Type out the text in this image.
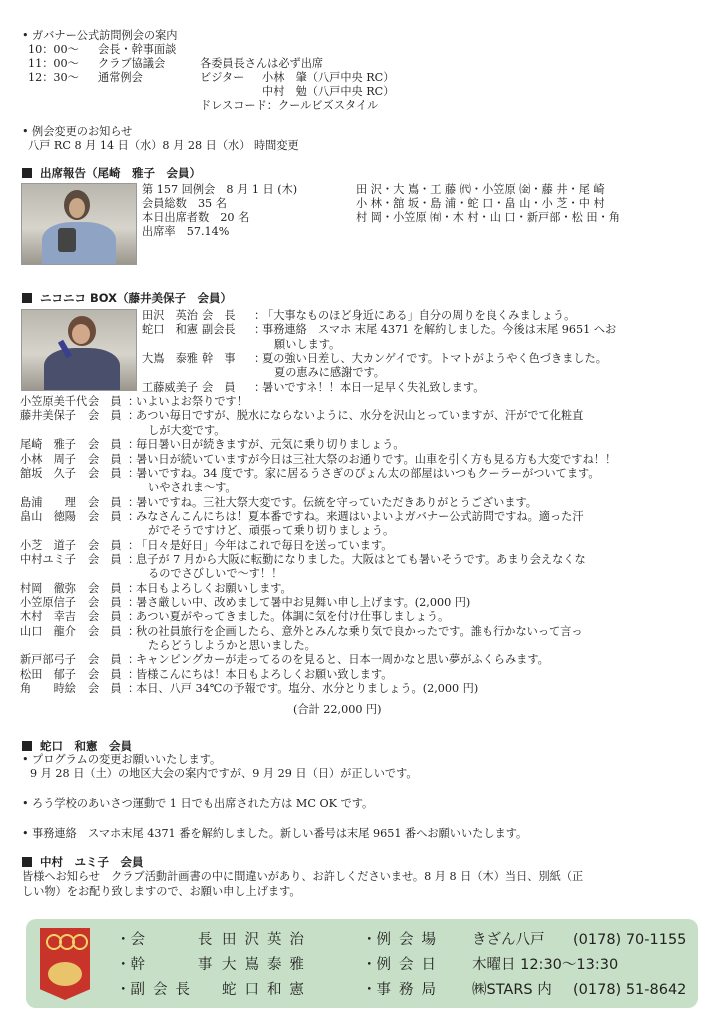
• ガバナー公式訪問例会の案内
10：00～ 会長・幹事面談
11：00～ クラブ協議会	各委員長さんは必ず出席
12：30～ 通常例会	ビジター 小林　肇（八戸中央 RC）
中村　勉（八戸中央 RC）
ドレスコード：クールビズスタイル
• 例会変更のお知らせ
八戸 RC 8 月 14 日（水）8 月 28 日（水） 時間変更
出席報告（尾崎　雅子　会員）
第 157 回例会　8 月 1 日 (木)
会員総数　35 名
本日出席者数　20 名
出席率　57.14%
田 沢・大 嶌・工 藤 ㈹・小笠原 ㈮・藤 井・尾 崎
小 林・舘 坂・島 浦・蛇 口・畠 山・小 芝・中 村
村 岡・小笠原 ㈲・木 村・山 口・新戸部・松 田・角
ニコニコ BOX（藤井美保子　会員）
田沢　英治 会　長 ：
「大事なものほど身近にある」自分の周りを良くみましょう。
蛇口　和憲 副会長 ：
事務連絡　スマホ 末尾 4371 を解約しました。今後は末尾 9651 へお
願いします。
大嶌　泰雅 幹　事 ：
夏の強い日差し、大カンゲイです。トマトがようやく色づきました。
夏の恵みに感謝です。
工藤威美子 会　員 ：
暑いですネ！！本日一足早く失礼致します。
小笠原美千代 会　員 ：
いよいよお祭りです！
藤井美保子 会　員 ：
あつい毎日ですが、脱水にならないように、水分を沢山とっていますが、汗がでて化粧直
しが大変です。
尾崎　雅子 会　員 ：
毎日暑い日が続きますが、元気に乗り切りましょう。
小林　周子 会　員 ：
暑い日が続いていますが今日は三社大祭のお通りです。山車を引く方も見る方も大変ですね！！
舘坂　久子 会　員 ：
暑いですね。34 度です。家に居るうさぎのぴょん太の部屋はいつもクーラーがついてます。
いやされま～す。
島浦　　理 会　員 ：
暑いですね。三社大祭大変です。伝統を守っていただきありがとうございます。
畠山　徳陽 会　員 ：
みなさんこんにちは！夏本番ですね。来週はいよいよガバナー公式訪問ですね。適った汗
がでそうですけど、頑張って乗り切りましょう。
小芝　道子 会　員 ：
「日々是好日」今年はこれで毎日を送っています。
中村ユミ子 会　員 ：
息子が 7 月から大阪に転勤になりました。大阪はとても暑いそうです。あまり会えなくな
るのでさびしいで～す！！
村岡　徹弥 会　員 ：
本日もよろしくお願いします。
小笠原信子 会　員 ：
暑さ厳しい中、改めまして暑中お見舞い申し上げます。(2,000 円)
木村　幸吉 会　員 ：
あつい夏がやってきました。体調に気を付け仕事しましょう。
山口　龍介 会　員 ：
秋の社員旅行を企画したら、意外とみんな乗り気で良かったです。誰も行かないって言っ
たらどうしようかと思いました。
新戸部弓子 会　員 ：
キャンピングカーが走ってるのを見ると、日本一周かなと思い夢がふくらみます。
松田　郁子 会　員 ：
皆様こんにちは！本日もよろしくお願い致します。
角　　時絵 会　員 ：
本日、八戸 34℃の予報です。塩分、水分とりましょう。(2,000 円)
(合計 22,000 円)
蛇口　和憲　会員
• プログラムの変更お願いいたします。
9 月 28 日（土）の地区大会の案内ですが、9 月 29 日（日）が正しいです。
• ろう学校のあいさつ運動で 1 日でも出席された方は MC OK です。
• 事務連絡　スマホ末尾 4371 番を解約しました。新しい番号は末尾 9651 番へお願いいたします。
中村　ユミ子　会員
皆様へお知らせ　クラブ活動計画書の中に間違いがあり、お許しくださいませ。8 月 8 日（木）当日、別紙（正
しい物）をお配り致しますので、お願い申し上げます。
・会　　長 田沢英治
・幹　　事 大嶌泰雅
・副会長 蛇口和憲
・例会場 きざん八戸 (0178) 70-1155
・例会日 木曜日 12:30～13:30
・事務局 ㈱STARS 内 (0178) 51-8642
